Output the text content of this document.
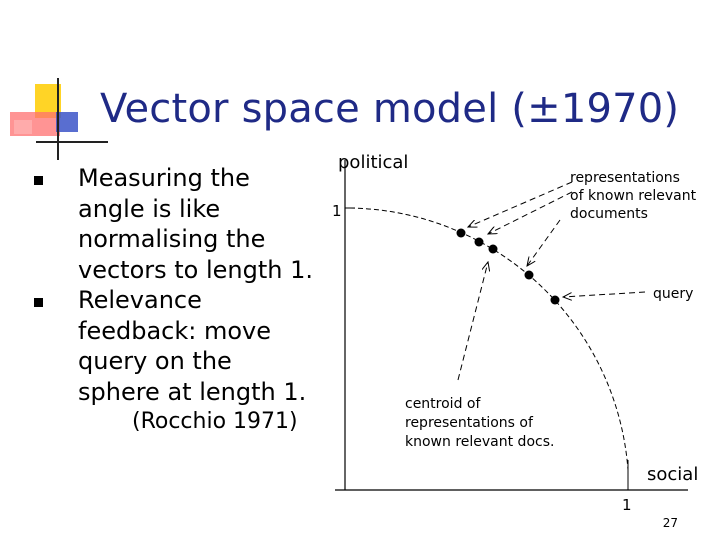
Vector space model (±1970)
Measuring the
angle is like
normalising the
vectors to length 1.
Relevance
feedback: move
query on the
sphere at length 1.
(Rocchio 1971)
political
1
social
1
representations of known relevant documents
query
centroid of representations of known relevant docs.
27
